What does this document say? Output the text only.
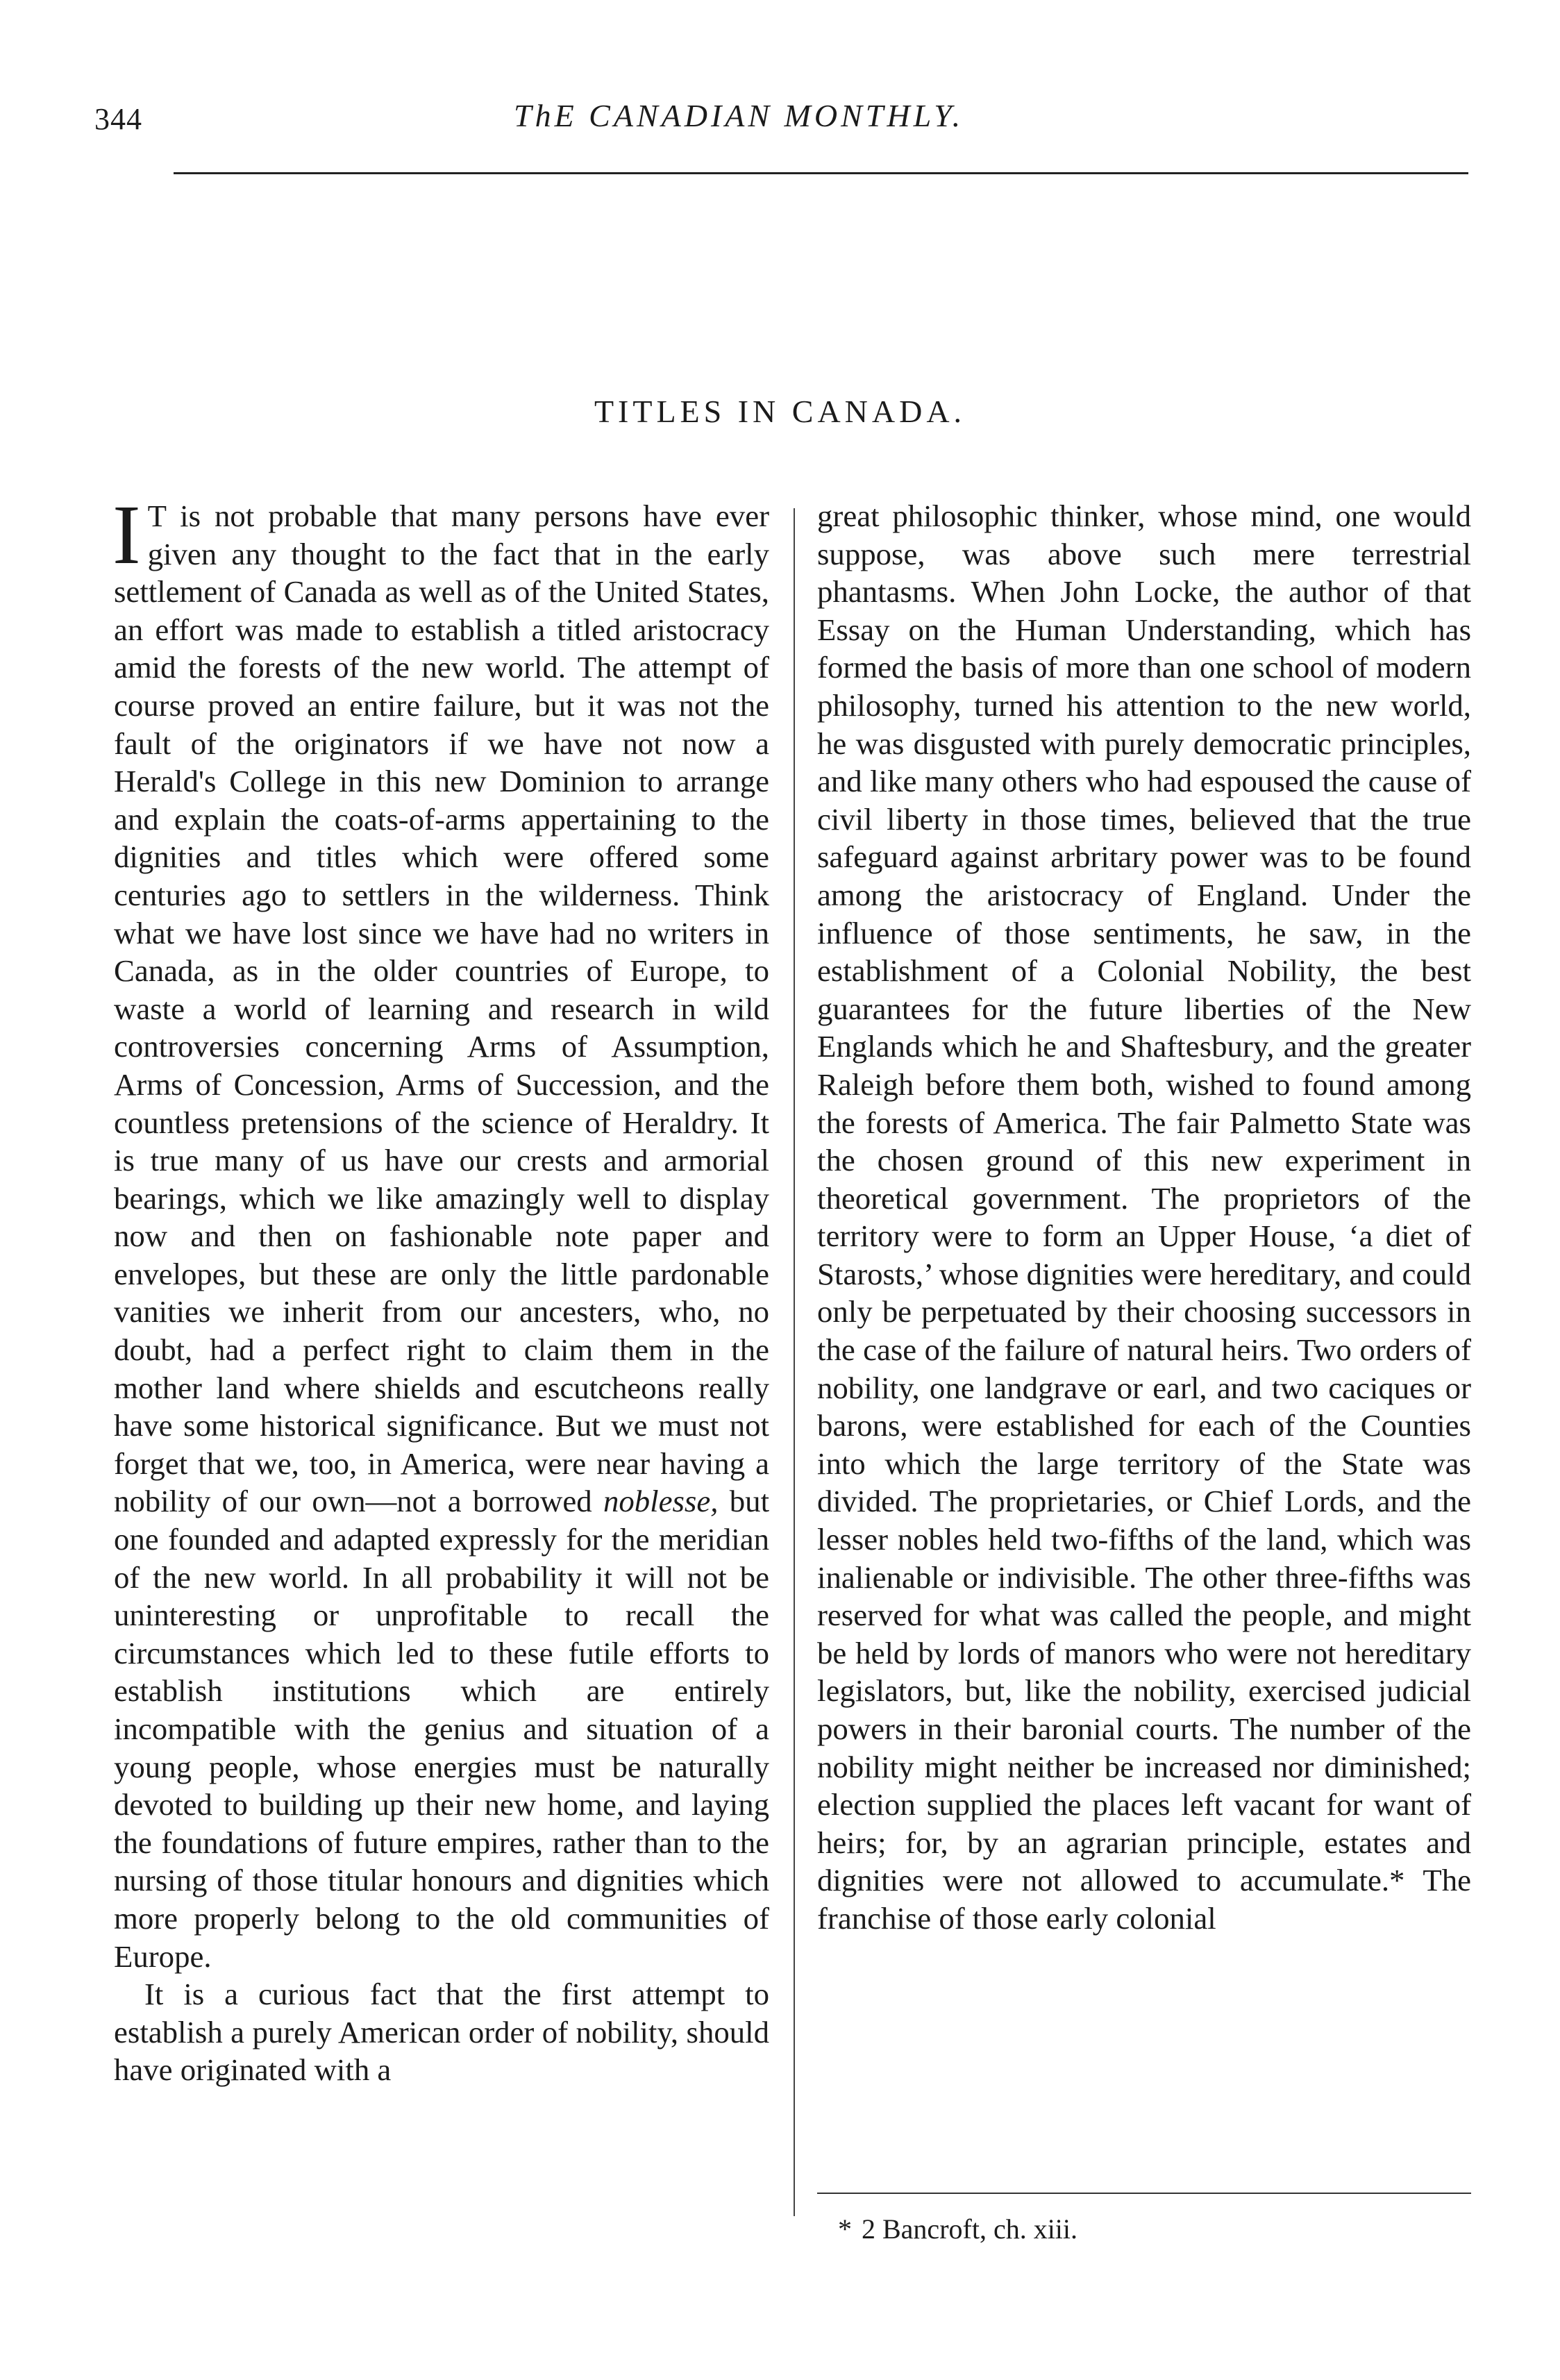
344	ThE CANADIAN MONTHLY.
TITLES IN CANADA.

I T is not probable that many persons have ever given any thought to the fact that in the early settlement of Canada as well as of the United States, an effort was made to establish a titled aristocracy amid the forests of the new world. The attempt of course proved an entire failure, but it was not the fault of the originators if we have not now a Herald's College in this new Dominion to arrange and explain the coats-of-arms appertaining to the dignities and titles which were offered some centuries ago to settlers in the wilderness. Think what we have lost since we have had no writers in Canada, as in the older countries of Europe, to waste a world of learning and research in wild controversies concerning Arms of Assumption, Arms of Concession, Arms of Succession, and the countless pretensions of the science of Heraldry. It is true many of us have our crests and armorial bearings, which we like amazingly well to display now and then on fashionable note paper and envelopes, but these are only the little pardonable vanities we inherit from our ancesters, who, no doubt, had a perfect right to claim them in the mother land where shields and escutcheons really have some historical significance. But we must not forget that we, too, in America, were near having a nobility of our own—not a borrowed noblesse, but one founded and adapted expressly for the meridian of the new world. In all probability it will not be uninteresting or unprofitable to recall the circumstances which led to these futile efforts to establish institutions which are entirely incompatible with the genius and situation of a young people, whose energies must be naturally devoted to building up their new home, and laying the foundations of future empires, rather than to the nursing of those titular honours and dignities which more properly belong to the old communities of Europe.

It is a curious fact that the first attempt to establish a purely American order of nobility, should have originated with a

great philosophic thinker, whose mind, one would suppose, was above such mere terrestrial phantasms. When John Locke, the author of that Essay on the Human Understanding, which has formed the basis of more than one school of modern philosophy, turned his attention to the new world, he was disgusted with purely democratic principles, and like many others who had espoused the cause of civil liberty in those times, believed that the true safeguard against arbritary power was to be found among the aristocracy of England. Under the influence of those sentiments, he saw, in the establishment of a Colonial Nobility, the best guarantees for the future liberties of the New Englands which he and Shaftesbury, and the greater Raleigh before them both, wished to found among the forests of America. The fair Palmetto State was the chosen ground of this new experiment in theoretical government. The proprietors of the territory were to form an Upper House, ‘a diet of Starosts,’ whose dignities were hereditary, and could only be perpetuated by their choosing successors in the case of the failure of natural heirs. Two orders of nobility, one landgrave or earl, and two caciques or barons, were established for each of the Counties into which the large territory of the State was divided. The proprietaries, or Chief Lords, and the lesser nobles held two-fifths of the land, which was inalienable or indivisible. The other three-fifths was reserved for what was called the people, and might be held by lords of manors who were not hereditary legislators, but, like the nobility, exercised judicial powers in their baronial courts. The number of the nobility might neither be increased nor diminished; election supplied the places left vacant for want of heirs; for, by an agrarian principle, estates and dignities were not allowed to accumulate.* The franchise of those early colonial

* 2 Bancroft, ch. xiii.
